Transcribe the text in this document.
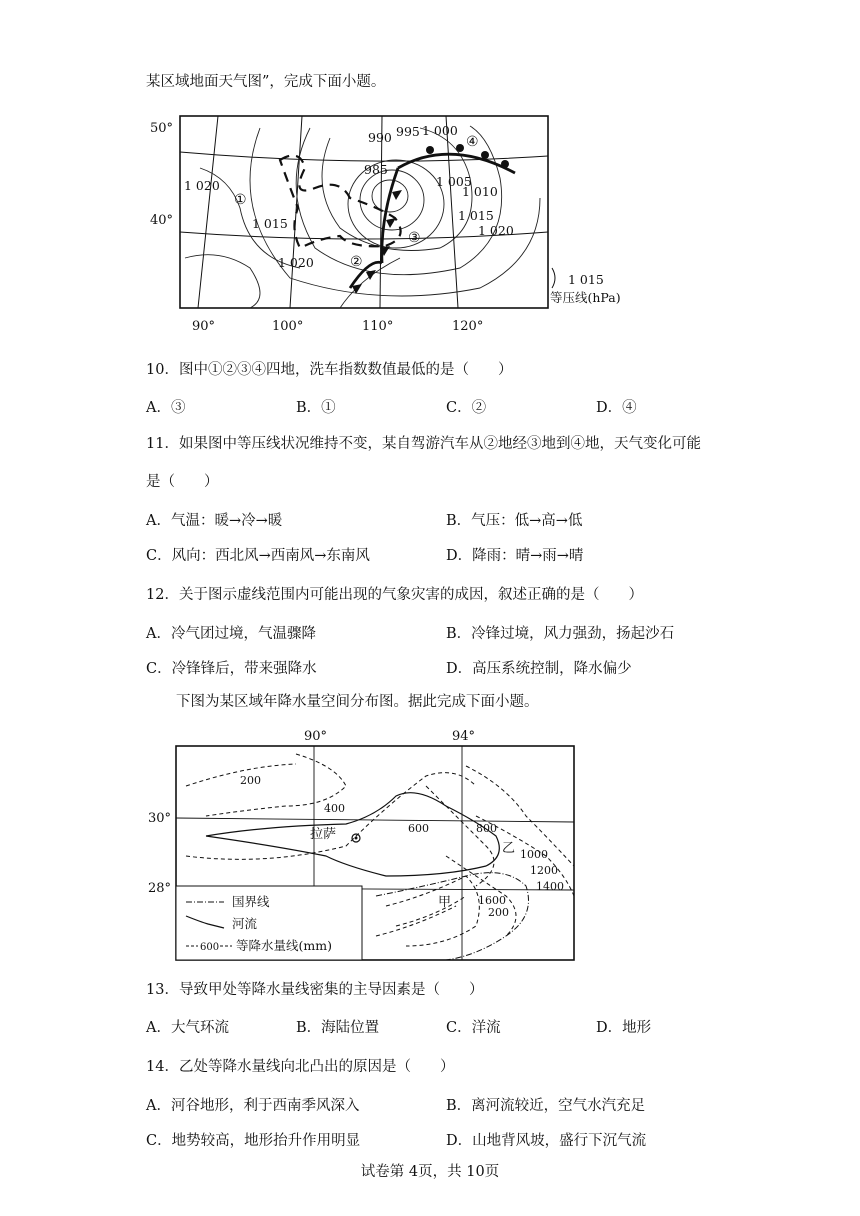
某区域地面天气图”，完成下面小题。
50°
40°
90°	100°	110°	120°
990 995 1 000
985
1 005
1 010
1 015
1 020
1 020
1 015
1 020
①
②
③
④
1 015
等压线(hPa)
10．图中①②③④四地，洗车指数数值最低的是（　　）
A．③	B．①	C．②	D．④
11．如果图中等压线状况维持不变，某自驾游汽车从②地经③地到④地，天气变化可能
是（　　）
A．气温：暖→冷→暖	B．气压：低→高→低
C．风向：西北风→西南风→东南风	D．降雨：晴→雨→晴
12．关于图示虚线范围内可能出现的气象灾害的成因，叙述正确的是（　　）
A．冷气团过境，气温骤降	B．冷锋过境，风力强劲，扬起沙石
C．冷锋锋后，带来强降水	D．高压系统控制，降水偏少
下图为某区域年降水量空间分布图。据此完成下面小题。
90°	94°
30°
28°
200
400
600	800
1000
1200
1400
1600
200
拉萨
乙
甲
国界线
河流
600 等降水量线(mm)
13．导致甲处等降水量线密集的主导因素是（　　）
A．大气环流	B．海陆位置	C．洋流	D．地形
14．乙处等降水量线向北凸出的原因是（　　）
A．河谷地形，利于西南季风深入	B．离河流较近，空气水汽充足
C．地势较高，地形抬升作用明显	D．山地背风坡，盛行下沉气流
试卷第 4页，共 10页
